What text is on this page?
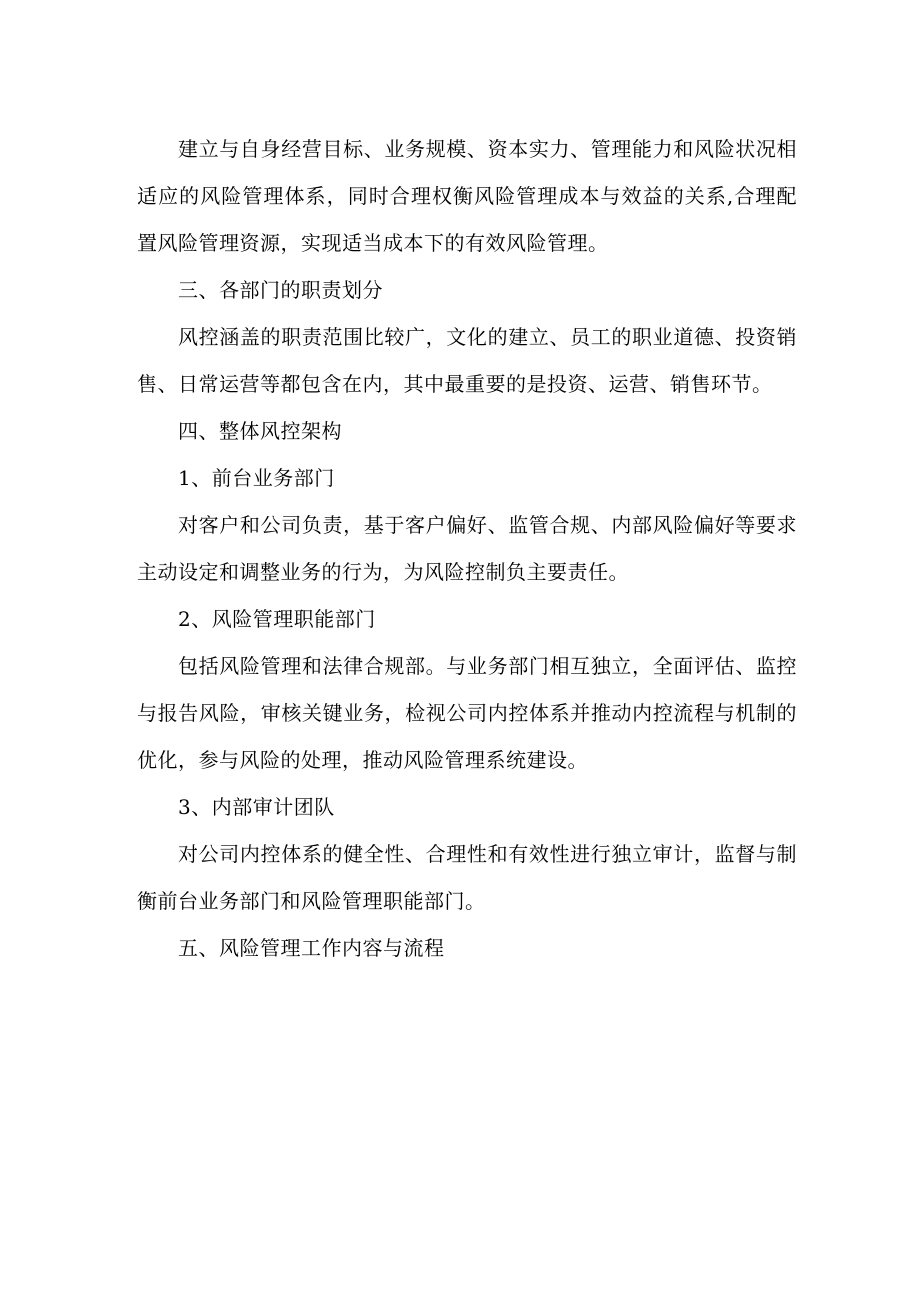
建立与自身经营目标、业务规模、资本实力、管理能力和风险状况相适应的风险管理体系，同时合理权衡风险管理成本与效益的关系,合理配置风险管理资源，实现适当成本下的有效风险管理。

三、各部门的职责划分

风控涵盖的职责范围比较广，文化的建立、员工的职业道德、投资销售、日常运营等都包含在内，其中最重要的是投资、运营、销售环节。

四、整体风控架构

1、前台业务部门

对客户和公司负责，基于客户偏好、监管合规、内部风险偏好等要求主动设定和调整业务的行为，为风险控制负主要责任。

2、风险管理职能部门

包括风险管理和法律合规部。与业务部门相互独立，全面评估、监控与报告风险，审核关键业务，检视公司内控体系并推动内控流程与机制的优化，参与风险的处理，推动风险管理系统建设。

3、内部审计团队

对公司内控体系的健全性、合理性和有效性进行独立审计，监督与制衡前台业务部门和风险管理职能部门。

五、风险管理工作内容与流程
